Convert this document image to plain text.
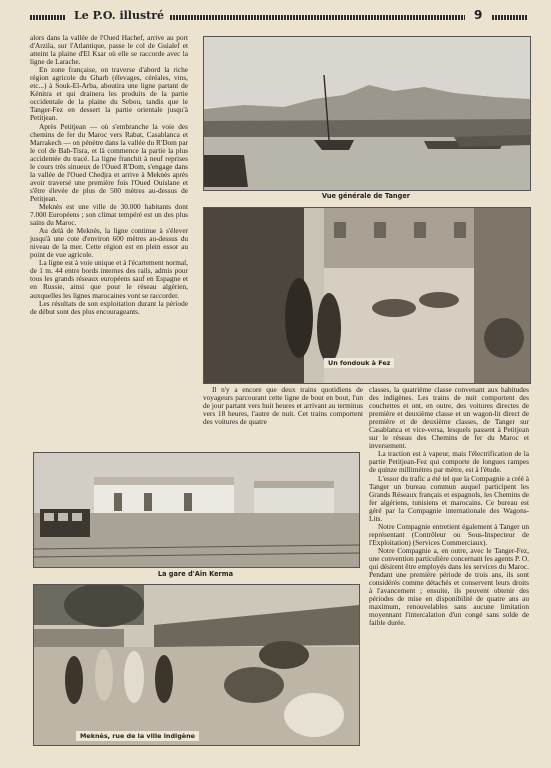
Le P.O. illustré	9

alors dans la vallée de l'Oued Hachef, arrive au port d'Arzila, sur l'Atlantique, passe le col de Guialef et atteint la plaine d'El Ksar où elle se raccorde avec la ligne de Larache.

En zone française, on traverse d'abord la riche région agricole du Gharb (élevages, céréales, vins, etc...) à Souk-El-Arba, aboutira une ligne partant de Kénitra et qui drainera les produits de la partie occidentale de la plaine du Sebou, tandis que le Tanger-Fez en dessert la partie orientale jusqu'à Petitjean.

Après Petitjean — où s'embranche la voie des chemins de fer du Maroc vers Rabat, Casablanca et Marrakech — on pénètre dans la vallée du R'Dom par le col de Bab-Tisra, et là commence la partie la plus accidentée du tracé. La ligne franchit à neuf reprises le cours très sinueux de l'Oued R'Dom, s'engage dans la vallée de l'Oued Chedjra et arrive à Meknès après avoir traversé une première fois l'Oued Ouislane et s'être élevée de plus de 500 mètres au-dessus de Petitjean.

Meknès est une ville de 30.000 habitants dont 7.000 Européens ; son climat tempéré est un des plus sains du Maroc.

Au delà de Meknès, la ligne continue à s'élever jusqu'à une cote d'environ 600 mètres au-dessus du niveau de la mer. Cette région est en plein essor au point de vue agricole.

La ligne est à voie unique et à l'écartement normal, de 1 m. 44 entre bords internes des rails, admis pour tous les grands réseaux européens sauf en Espagne et en Russie, ainsi que pour le réseau algérien, auxquelles les lignes marocaines vont se raccorder.

Les résultats de son exploitation durant la période de début sont des plus encourageants.

Vue générale de Tanger
Un fondouk à Fez

Il n'y a encore que deux trains quotidiens de voyageurs parcourant cette ligne de bout en bout, l'un de jour partant vers huit heures et arrivant au terminus vers 18 heures, l'autre de nuit. Cet trains comportent des voitures de quatre

La gare d'Aïn Kerma
Meknès, rue de la ville indigène

classes, la quatrième classe convenant aux habitudes des indigènes. Les trains de nuit comportent des couchettes et ont, en outre, des voitures directes de première et deuxième classe et un wagon-lit direct de première et de deuxième classes, de Tanger sur Casablanca et vice-versa, lesquels passent à Petitjean sur le réseau des Chemins de fer du Maroc et inversement.

La traction est à vapeur, mais l'électrification de la partie Petitjean-Fez qui comporte de longues rampes de quinze millimètres par mètre, est à l'étude.

L'essor du trafic a été tel que la Compagnie a créé à Tanger un bureau commun auquel participent les Grands Réseaux français et espagnols, les Chemins de fer algériens, tunisiens et marocains. Ce bureau est géré par la Compagnie internationale des Wagons-Lits.

Notre Compagnie entretient également à Tanger un représentant (Contrôleur ou Sous-Inspecteur de l'Exploitation) (Services Commerciaux).

Notre Compagnie a, en outre, avec le Tanger-Fez, une convention particulière concernant les agents P. O. qui désirent être employés dans les services du Maroc. Pendant une première période de trois ans, ils sont considérés comme détachés et conservent leurs droits à l'avancement ; ensuite, ils peuvent obtenir des périodes de mise en disponibilité de quatre ans au maximum, renouvelables sans aucune limitation moyennant l'intercalation d'un congé sans solde de faible durée.
